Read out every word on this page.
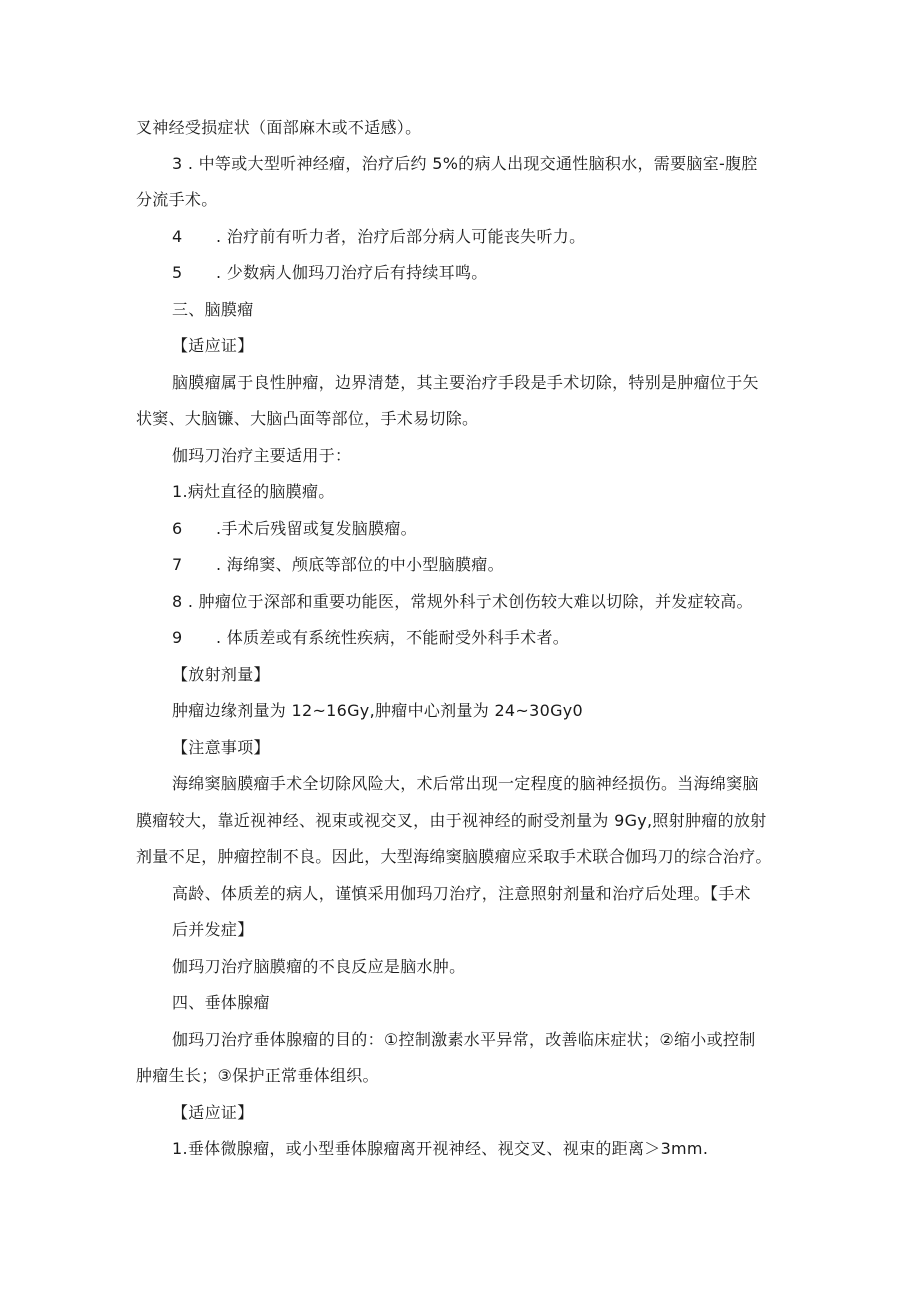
叉神经受损症状（面部麻木或不适感）。
3 . 中等或大型听神经瘤，治疗后约 5%的病人出现交通性脑积水，需要脑室-腹腔
分流手术。
4 . 治疗前有听力者，治疗后部分病人可能丧失听力。
5 . 少数病人伽玛刀治疗后有持续耳鸣。
三、脑膜瘤
【适应证】
脑膜瘤属于良性肿瘤，边界清楚，其主要治疗手段是手术切除，特别是肿瘤位于矢
状窦、大脑镰、大脑凸面等部位，手术易切除。
伽玛刀治疗主要适用于：
1.病灶直径的脑膜瘤。
6 .手术后残留或复发脑膜瘤。
7 . 海绵窦、颅底等部位的中小型脑膜瘤。
8 . 肿瘤位于深部和重要功能医，常规外科亍术创伤较大难以切除，并发症较高。
9 . 体质差或有系统性疾病，不能耐受外科手术者。
【放射剂量】
肿瘤边缘剂量为 12~16Gy,肿瘤中心剂量为 24~30Gy0
【注意事项】
海绵窦脑膜瘤手术全切除风险大，术后常出现一定程度的脑神经损伤。当海绵窦脑
膜瘤较大，靠近视神经、视束或视交叉，由于视神经的耐受剂量为 9Gy,照射肿瘤的放射
剂量不足，肿瘤控制不良。因此，大型海绵窦脑膜瘤应采取手术联合伽玛刀的综合治疗。
高龄、体质差的病人，谨慎采用伽玛刀治疗，注意照射剂量和治疗后处理。【手术
后并发症】
伽玛刀治疗脑膜瘤的不良反应是脑水肿。
四、垂体腺瘤
伽玛刀治疗垂体腺瘤的目的：①控制激素水平异常，改善临床症状；②缩小或控制
肿瘤生长；③保护正常垂体组织。
【适应证】
1.垂体微腺瘤，或小型垂体腺瘤离开视神经、视交叉、视束的距离＞3mm.
